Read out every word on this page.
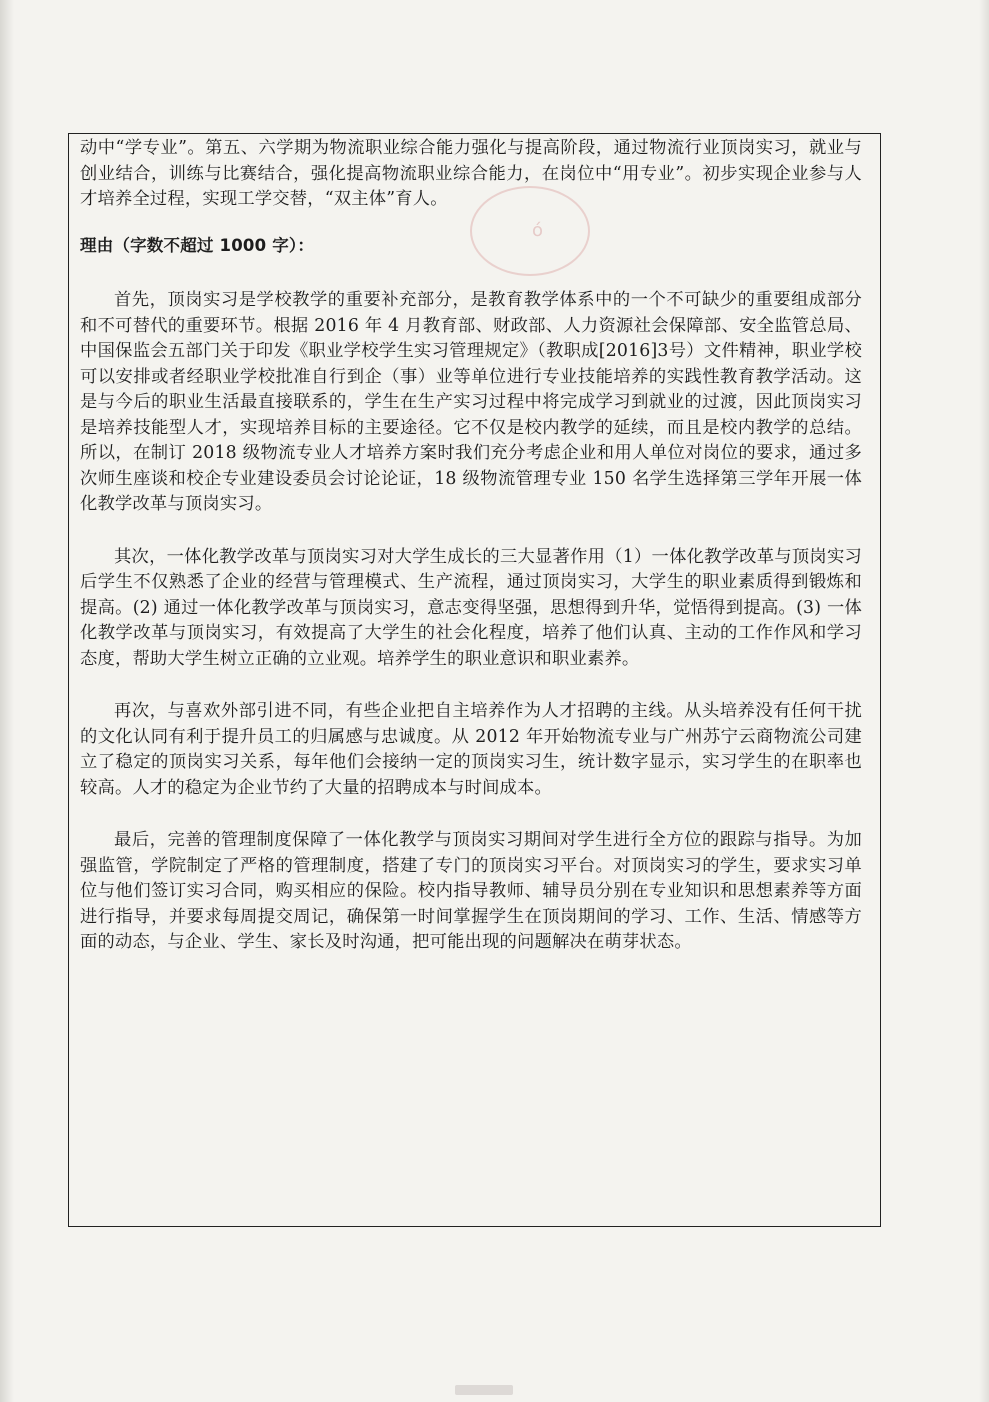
ó

动中“学专业”。第五、六学期为物流职业综合能力强化与提高阶段，通过物流行业顶岗实习，就业与创业结合，训练与比赛结合，强化提高物流职业综合能力，在岗位中“用专业”。初步实现企业参与人才培养全过程，实现工学交替，“双主体”育人。

理由（字数不超过 1000 字）：

首先，顶岗实习是学校教学的重要补充部分，是教育教学体系中的一个不可缺少的重要组成部分和不可替代的重要环节。根据 2016 年 4 月教育部、财政部、人力资源社会保障部、安全监管总局、中国保监会五部门关于印发《职业学校学生实习管理规定》（教职成[2016]3号）文件精神，职业学校可以安排或者经职业学校批准自行到企（事）业等单位进行专业技能培养的实践性教育教学活动。这是与今后的职业生活最直接联系的，学生在生产实习过程中将完成学习到就业的过渡，因此顶岗实习是培养技能型人才，实现培养目标的主要途径。它不仅是校内教学的延续，而且是校内教学的总结。所以，在制订 2018 级物流专业人才培养方案时我们充分考虑企业和用人单位对岗位的要求，通过多次师生座谈和校企专业建设委员会讨论论证，18 级物流管理专业 150 名学生选择第三学年开展一体化教学改革与顶岗实习。

其次，一体化教学改革与顶岗实习对大学生成长的三大显著作用（1）一体化教学改革与顶岗实习后学生不仅熟悉了企业的经营与管理模式、生产流程，通过顶岗实习，大学生的职业素质得到锻炼和提高。(2) 通过一体化教学改革与顶岗实习，意志变得坚强，思想得到升华，觉悟得到提高。(3) 一体化教学改革与顶岗实习，有效提高了大学生的社会化程度，培养了他们认真、主动的工作作风和学习态度，帮助大学生树立正确的立业观。培养学生的职业意识和职业素养。

再次，与喜欢外部引进不同，有些企业把自主培养作为人才招聘的主线。从头培养没有任何干扰的文化认同有利于提升员工的归属感与忠诚度。从 2012 年开始物流专业与广州苏宁云商物流公司建立了稳定的顶岗实习关系，每年他们会接纳一定的顶岗实习生，统计数字显示，实习学生的在职率也较高。人才的稳定为企业节约了大量的招聘成本与时间成本。

最后，完善的管理制度保障了一体化教学与顶岗实习期间对学生进行全方位的跟踪与指导。为加强监管，学院制定了严格的管理制度，搭建了专门的顶岗实习平台。对顶岗实习的学生，要求实习单位与他们签订实习合同，购买相应的保险。校内指导教师、辅导员分别在专业知识和思想素养等方面进行指导，并要求每周提交周记，确保第一时间掌握学生在顶岗期间的学习、工作、生活、情感等方面的动态，与企业、学生、家长及时沟通，把可能出现的问题解决在萌芽状态。
